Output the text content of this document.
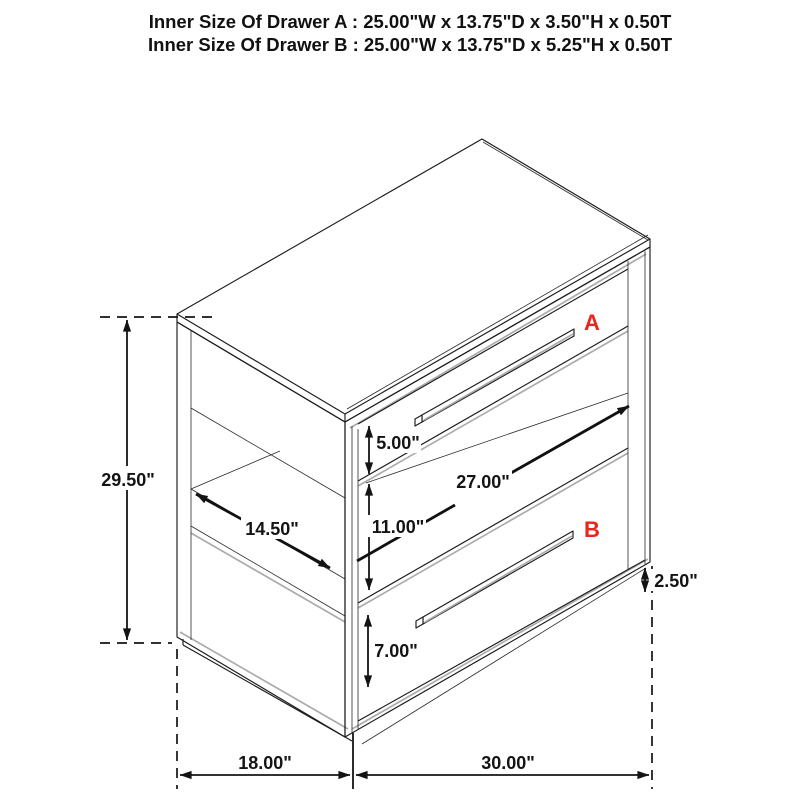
Inner Size Of Drawer A : 25.00"W x 13.75"D x 3.50"H x 0.50T
Inner Size Of Drawer B : 25.00"W x 13.75"D x 5.25"H x 0.50T
29.50"
5.00"
11.00"
27.00"
14.50"
7.00"
2.50"
18.00"	30.00"
A
B
